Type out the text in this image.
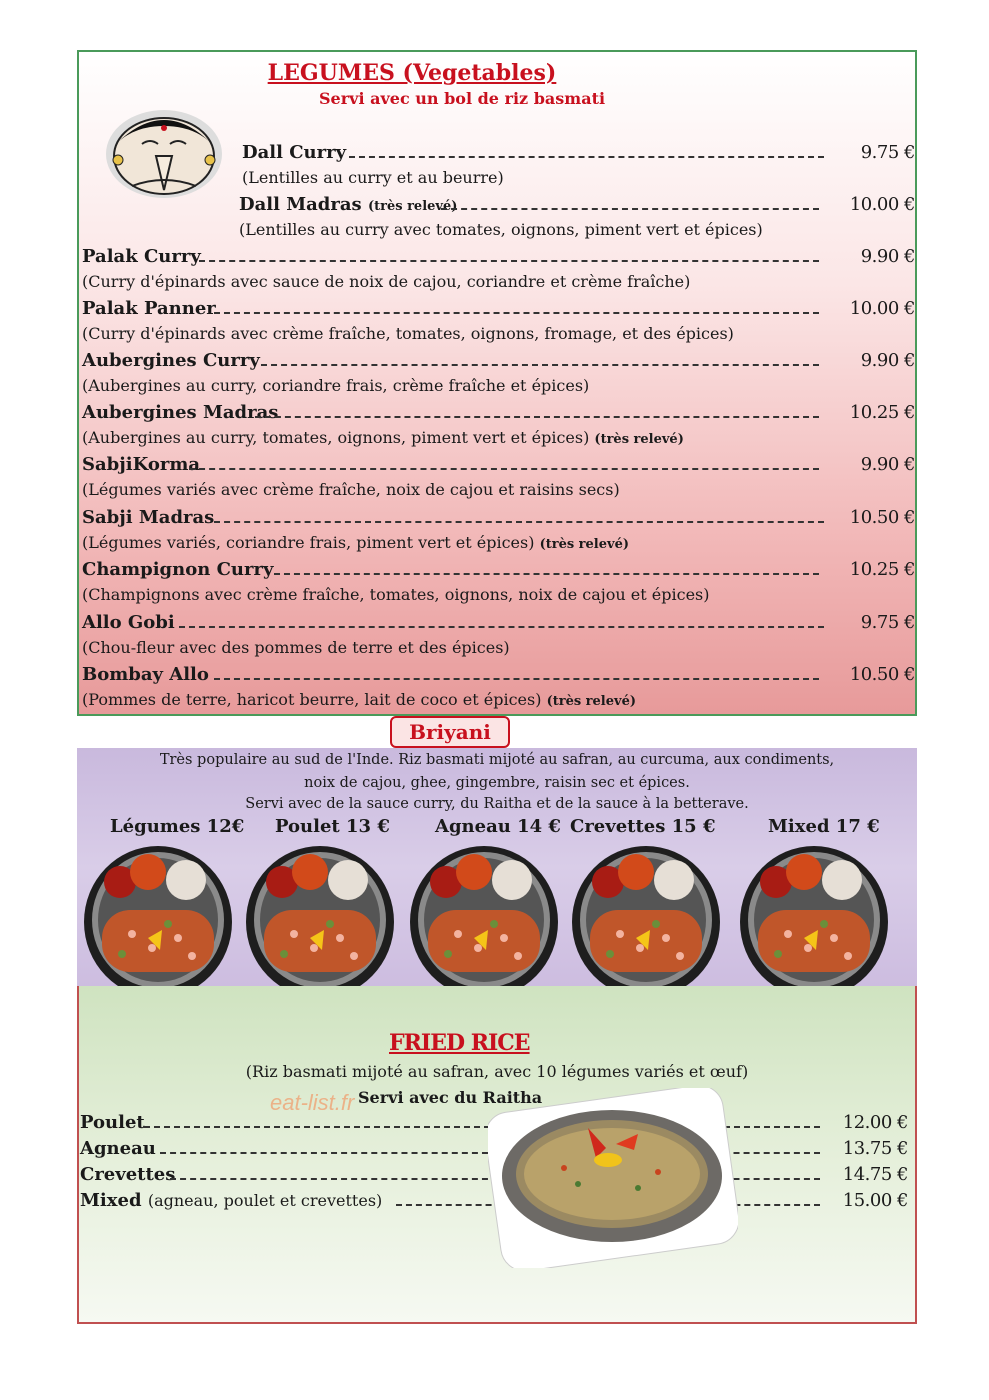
LEGUMES (Vegetables)
Servi avec un bol de riz basmati
Dall Curry	9.75 €
(Lentilles au curry et au beurre)
Dall Madras (très relevé)	10.00 €
(Lentilles au curry avec tomates, oignons, piment vert et épices)
Palak Curry	9.90 €
(Curry d'épinards avec sauce de noix de cajou, coriandre et crème fraîche)
Palak Panner	10.00 €
(Curry d'épinards avec crème fraîche, tomates, oignons, fromage, et des épices)
Aubergines Curry	9.90 €
(Aubergines au curry, coriandre frais, crème fraîche et épices)
Aubergines Madras	10.25 €
(Aubergines au curry, tomates, oignons, piment vert et épices) (très relevé)
SabjiKorma	9.90 €
(Légumes variés avec crème fraîche, noix de cajou et raisins secs)
Sabji Madras	10.50 €
(Légumes variés, coriandre frais, piment vert et épices) (très relevé)
Champignon Curry	10.25 €
(Champignons avec crème fraîche, tomates, oignons, noix de cajou et épices)
Allo Gobi	9.75 €
(Chou-fleur avec des pommes de terre et des épices)
Bombay Allo	10.50 €
(Pommes de terre, haricot beurre, lait de coco et épices) (très relevé)
Briyani
Très populaire au sud de l'Inde. Riz basmati mijoté au safran, au curcuma, aux condiments,
noix de cajou, ghee, gingembre, raisin sec et épices.
Servi avec de la sauce curry, du Raitha et de la sauce à la betterave.
Légumes 12€ Poulet 13 €	Agneau 14 € Crevettes 15 €	Mixed 17 €
FRIED RICE
(Riz basmati mijoté au safran, avec 10 légumes variés et œuf)
Servi avec du Raitha
eat-list.fr
Poulet	12.00 €
Agneau	13.75 €
Crevettes	14.75 €
Mixed (agneau, poulet et crevettes)	15.00 €
